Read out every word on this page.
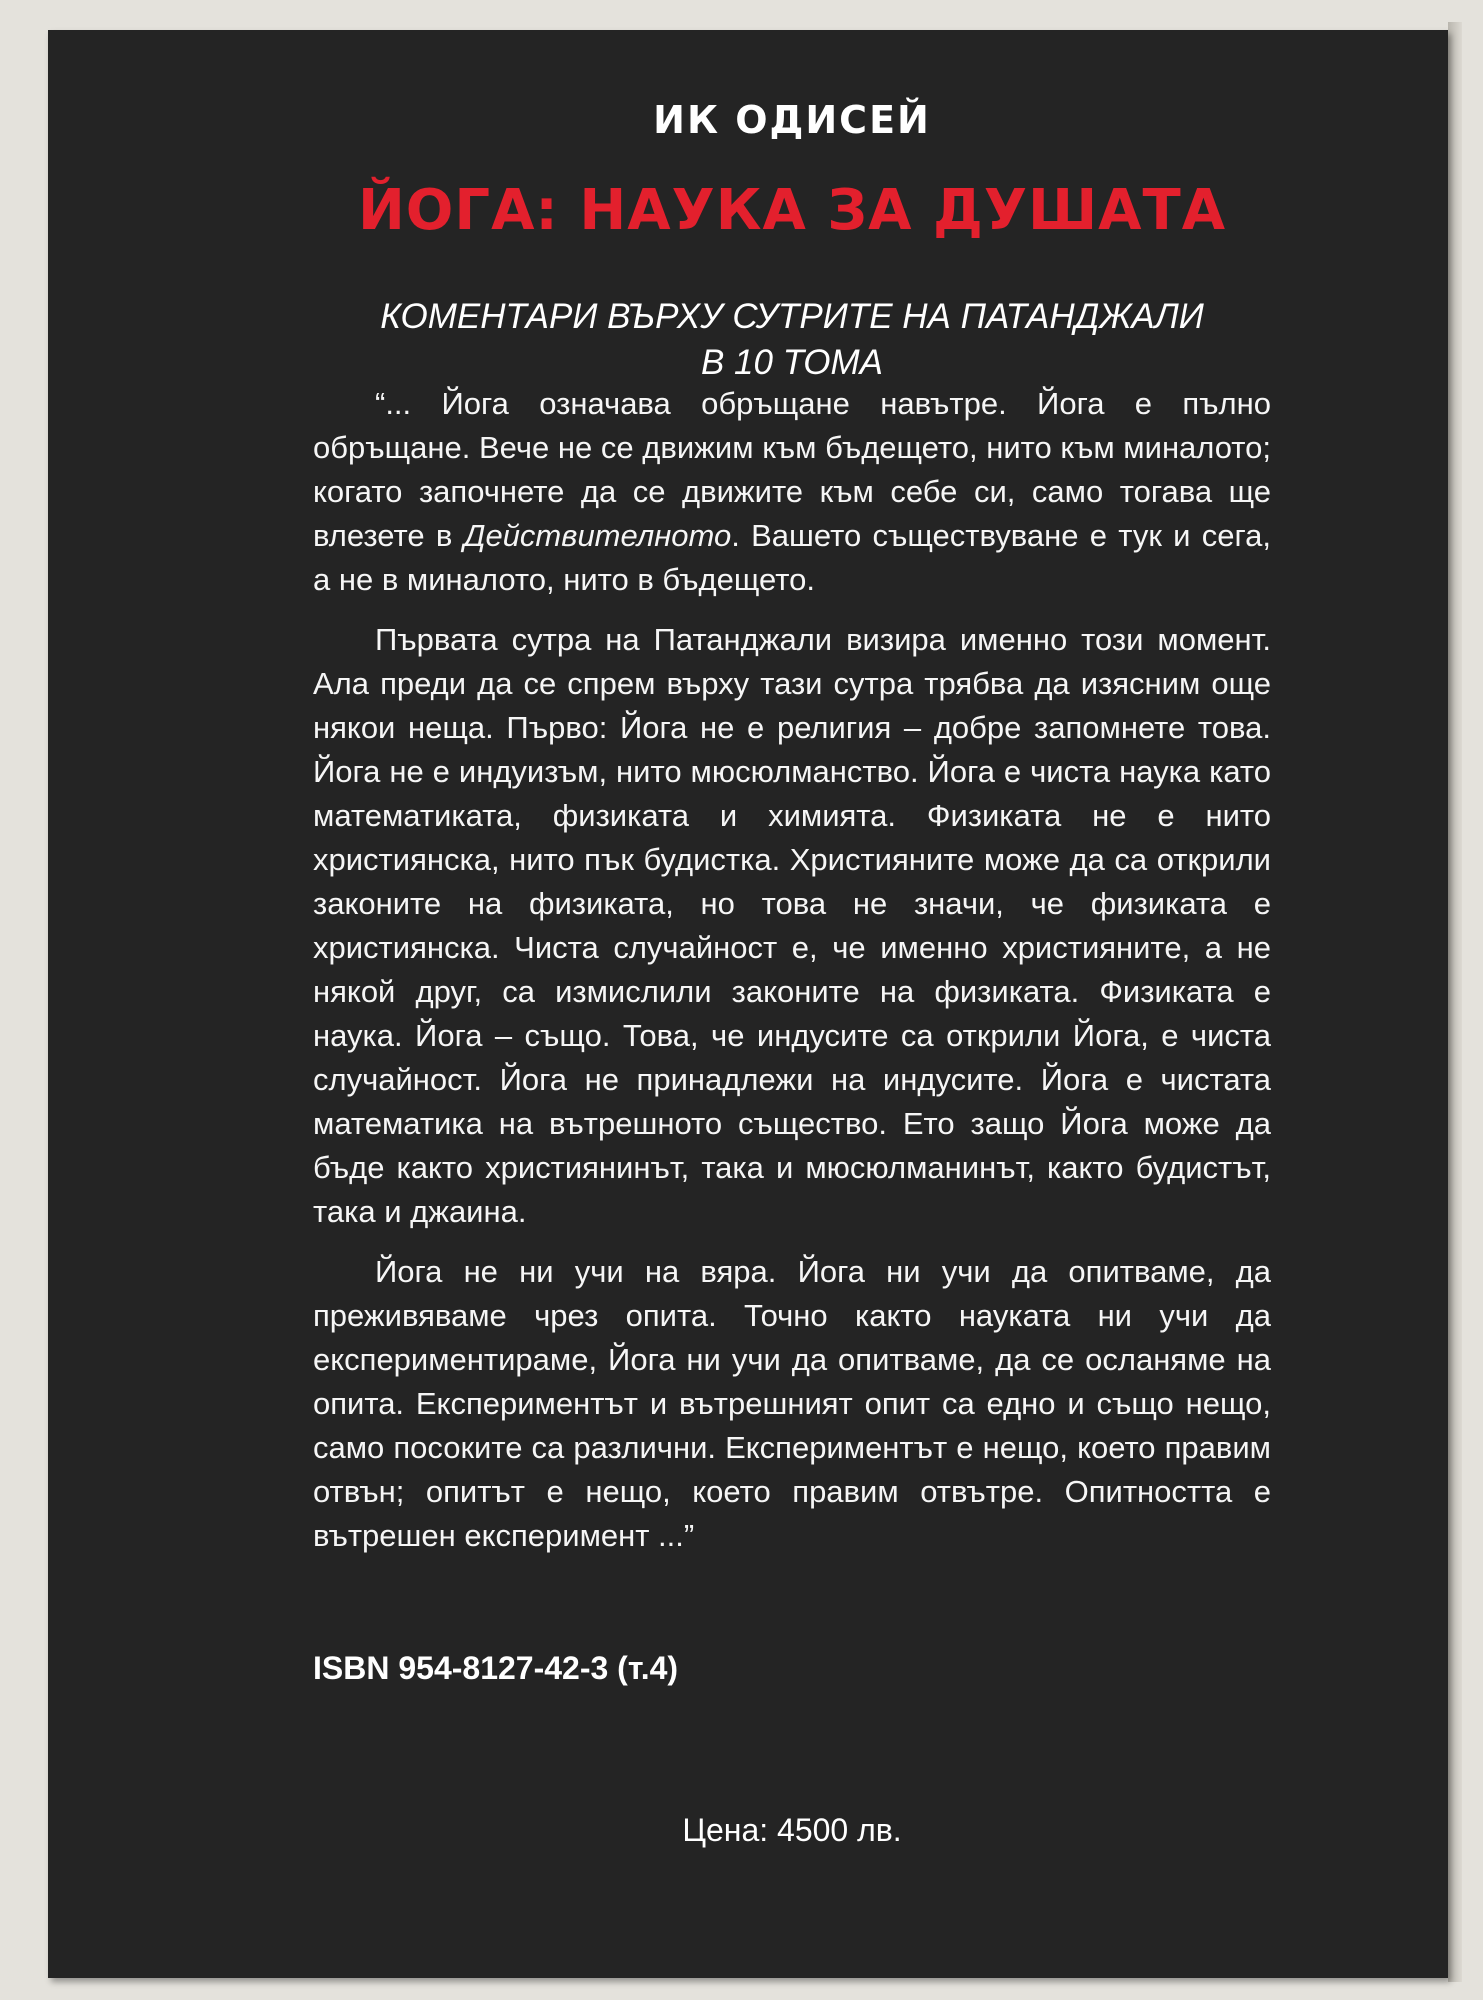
ИК ОДИСЕЙ
ЙОГА: НАУКА ЗА ДУШАТА
КОМЕНТАРИ ВЪРХУ СУТРИТЕ НА ПАТАНДЖАЛИ
В 10 ТОМА

“... Йога означава обръщане навътре. Йога е пълно обръщане. Вече не се движим към бъдещето, нито към миналото; когато започнете да се движите към себе си, само тогава ще влезете в Действителното. Вашето съществуване е тук и сега, а не в миналото, нито в бъдещето.

Първата сутра на Патанджали визира именно този момент. Ала преди да се спрем върху тази сутра трябва да изясним още някои неща. Първо: Йога не е религия – добре запомнете това. Йога не е индуизъм, нито мюсюлманство. Йога е чиста наука като математиката, физиката и химията. Физиката не е нито християнска, нито пък будистка. Християните може да са открили законите на физиката, но това не значи, че физиката е християнска. Чиста случайност е, че именно християните, а не някой друг, са измислили законите на физиката. Физиката е наука. Йога – също. Това, че индусите са открили Йога, е чиста случайност. Йога не принадлежи на индусите. Йога е чистата математика на вътрешното същество. Ето защо Йога може да бъде както християнинът, така и мюсюлманинът, както будистът, така и джаина.

Йога не ни учи на вяра. Йога ни учи да опитваме, да преживяваме чрез опита. Точно както науката ни учи да експериментираме, Йога ни учи да опитваме, да се осланяме на опита. Експериментът и вътрешният опит са едно и също нещо, само посоките са различни. Експериментът е нещо, което правим отвън; опитът е нещо, което правим отвътре. Опитността е вътрешен експеримент ...”

ISBN 954-8127-42-3 (т.4)
Цена: 4500 лв.
